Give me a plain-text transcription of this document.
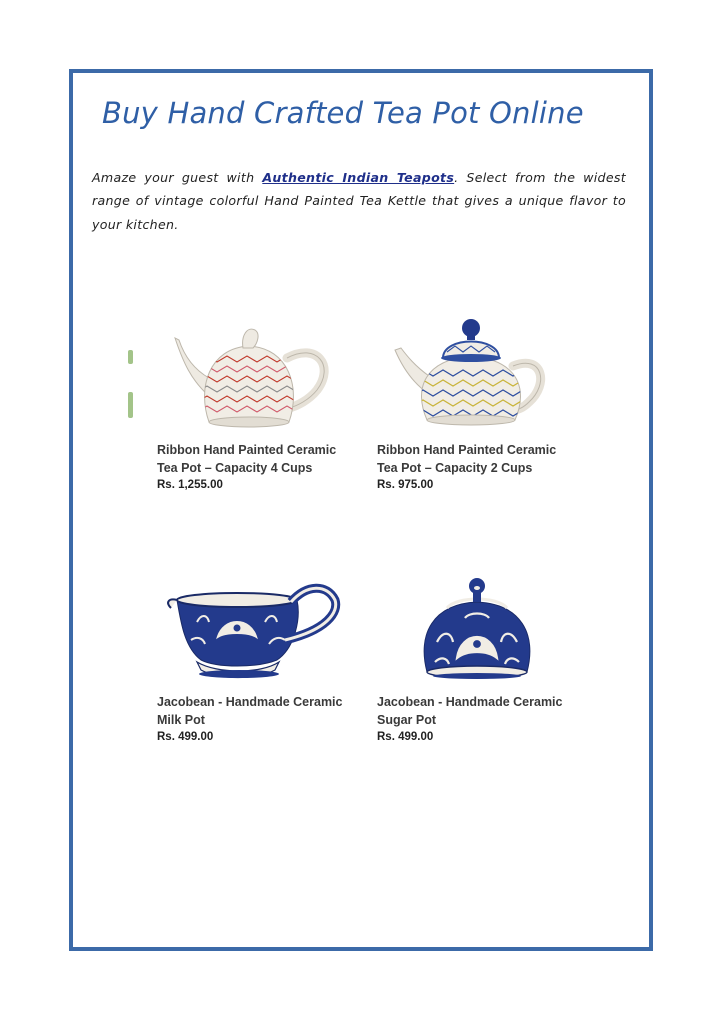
Buy Hand Crafted Tea Pot Online

Amaze your guest with Authentic Indian Teapots. Select from the widest range of vintage colorful Hand Painted Tea Kettle that gives a unique flavor to your kitchen.

Ribbon Hand Painted Ceramic Tea Pot – Capacity 4 Cups
Rs. 1,255.00
Ribbon Hand Painted Ceramic Tea Pot – Capacity 2 Cups
Rs. 975.00
Jacobean - Handmade Ceramic Milk Pot
Rs. 499.00
Jacobean - Handmade Ceramic Sugar Pot
Rs. 499.00
